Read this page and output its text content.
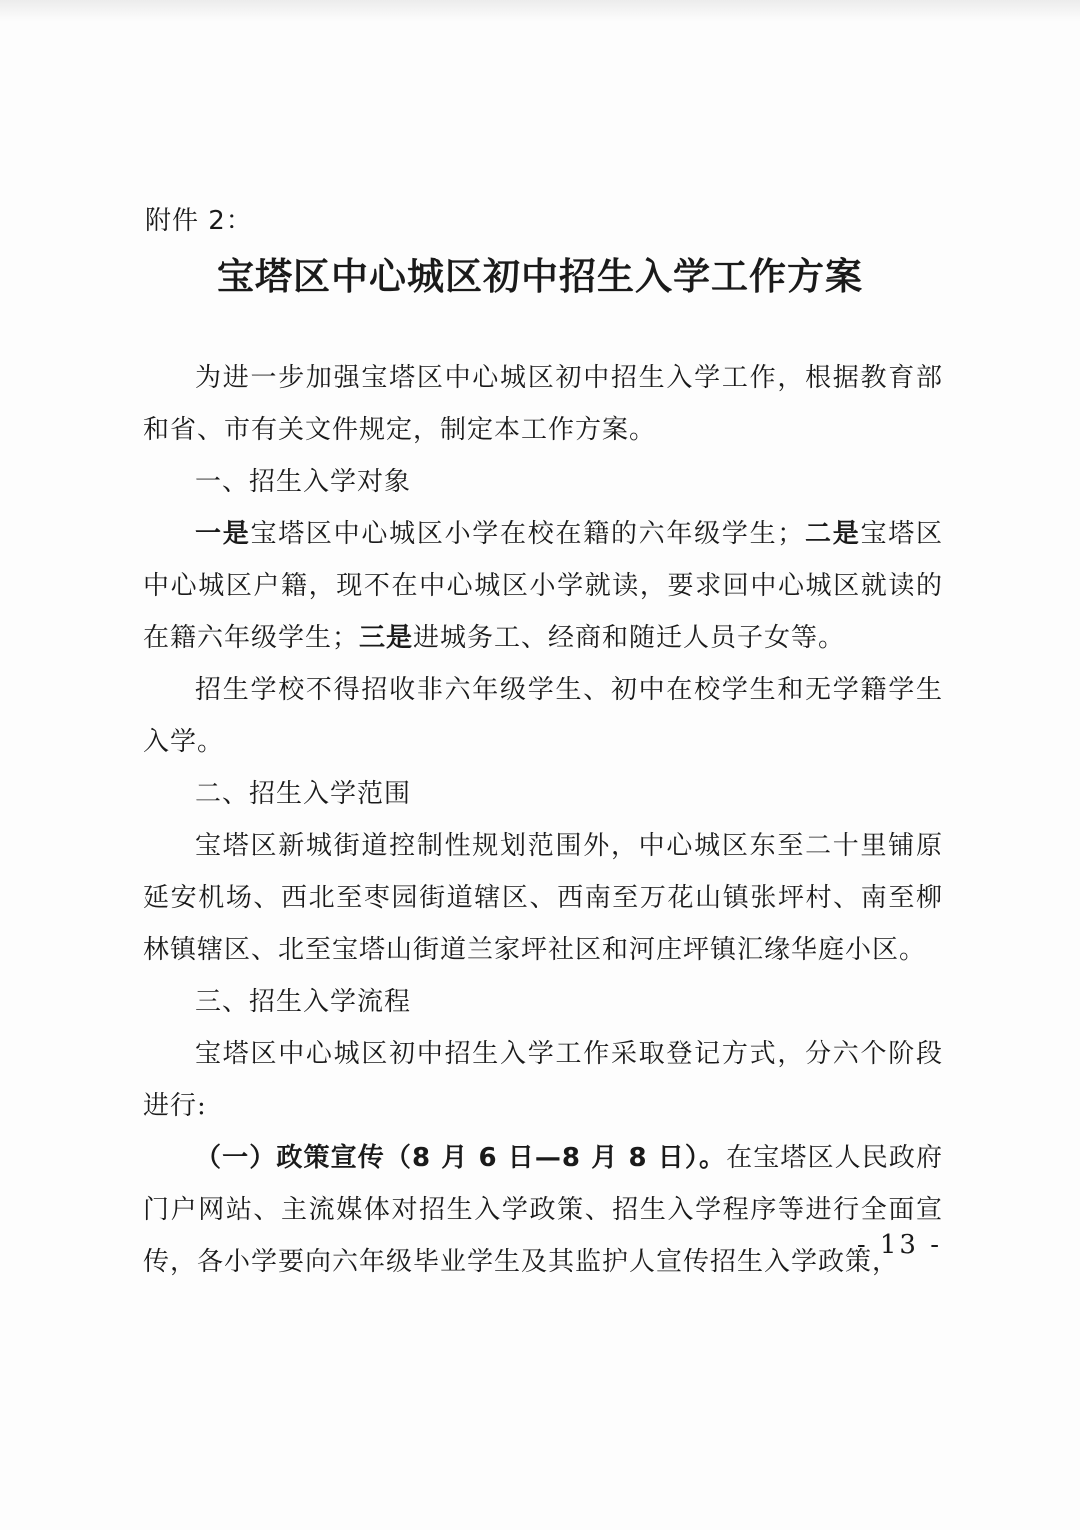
附件 2：
宝塔区中心城区初中招生入学工作方案

为进一步加强宝塔区中心城区初中招生入学工作，根据教育部和省、市有关文件规定，制定本工作方案。

一、招生入学对象

一是宝塔区中心城区小学在校在籍的六年级学生；二是宝塔区中心城区户籍，现不在中心城区小学就读，要求回中心城区就读的在籍六年级学生；三是进城务工、经商和随迁人员子女等。

招生学校不得招收非六年级学生、初中在校学生和无学籍学生入学。

二、招生入学范围

宝塔区新城街道控制性规划范围外，中心城区东至二十里铺原延安机场、西北至枣园街道辖区、西南至万花山镇张坪村、南至柳林镇辖区、北至宝塔山街道兰家坪社区和河庄坪镇汇缘华庭小区。

三、招生入学流程

宝塔区中心城区初中招生入学工作采取登记方式，分六个阶段进行:

（一）政策宣传（8 月 6 日—8 月 8 日）。在宝塔区人民政府门户网站、主流媒体对招生入学政策、招生入学程序等进行全面宣传，各小学要向六年级毕业学生及其监护人宣传招生入学政策，

- 13 -
